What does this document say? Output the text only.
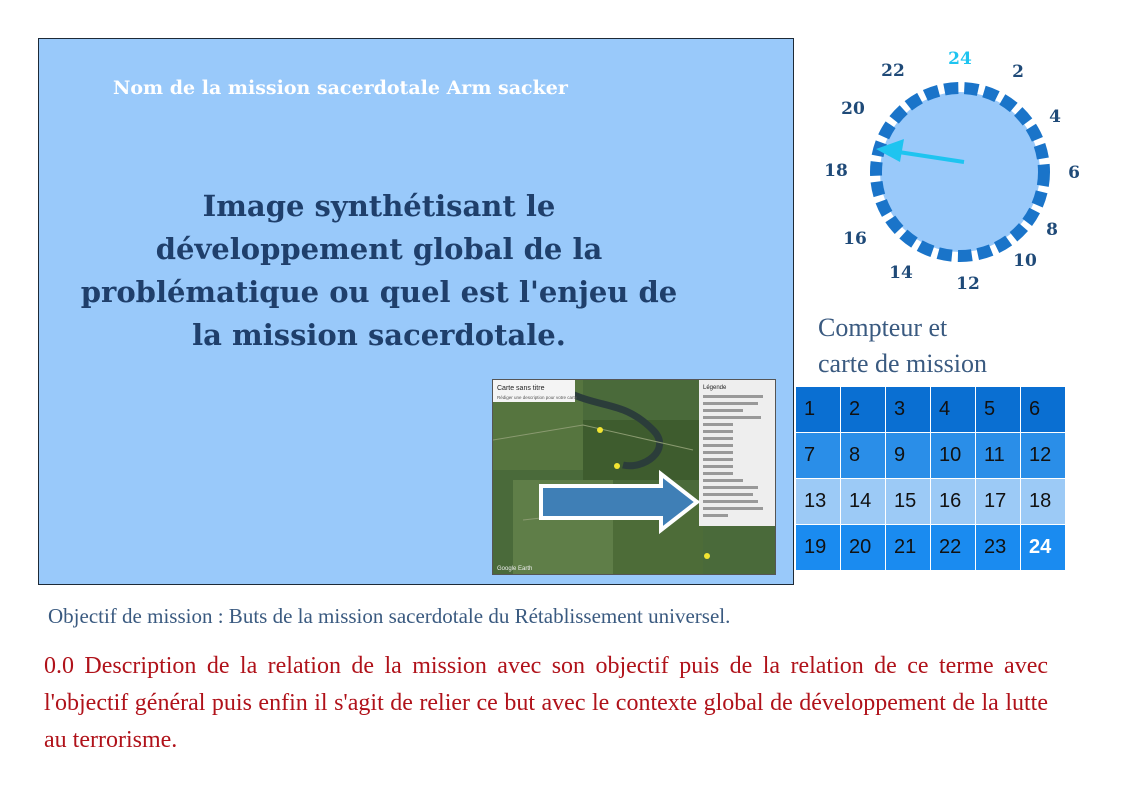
Nom de la mission sacerdotale Arm sacker
Image synthétisant le développement global de la problématique ou quel est l'enjeu de la mission sacerdotale.
Carte sans titre
Rédiger une description pour votre carte
Légende
Google Earth
24
2
4
6
8
10
12
14
16
18
20
22
Compteur et
carte de mission
1	2	3	4	5	6
7	8	9	10	11	12
13	14	15	16	17	18
19	20	21	22	23	24
Objectif de mission : Buts de la mission sacerdotale du Rétablissement universel.
0.0 Description de la relation de la mission avec son objectif puis de la relation de ce terme avec l'objectif général puis enfin il s'agit de relier ce but avec le contexte global de développement de la lutte au terrorisme.
